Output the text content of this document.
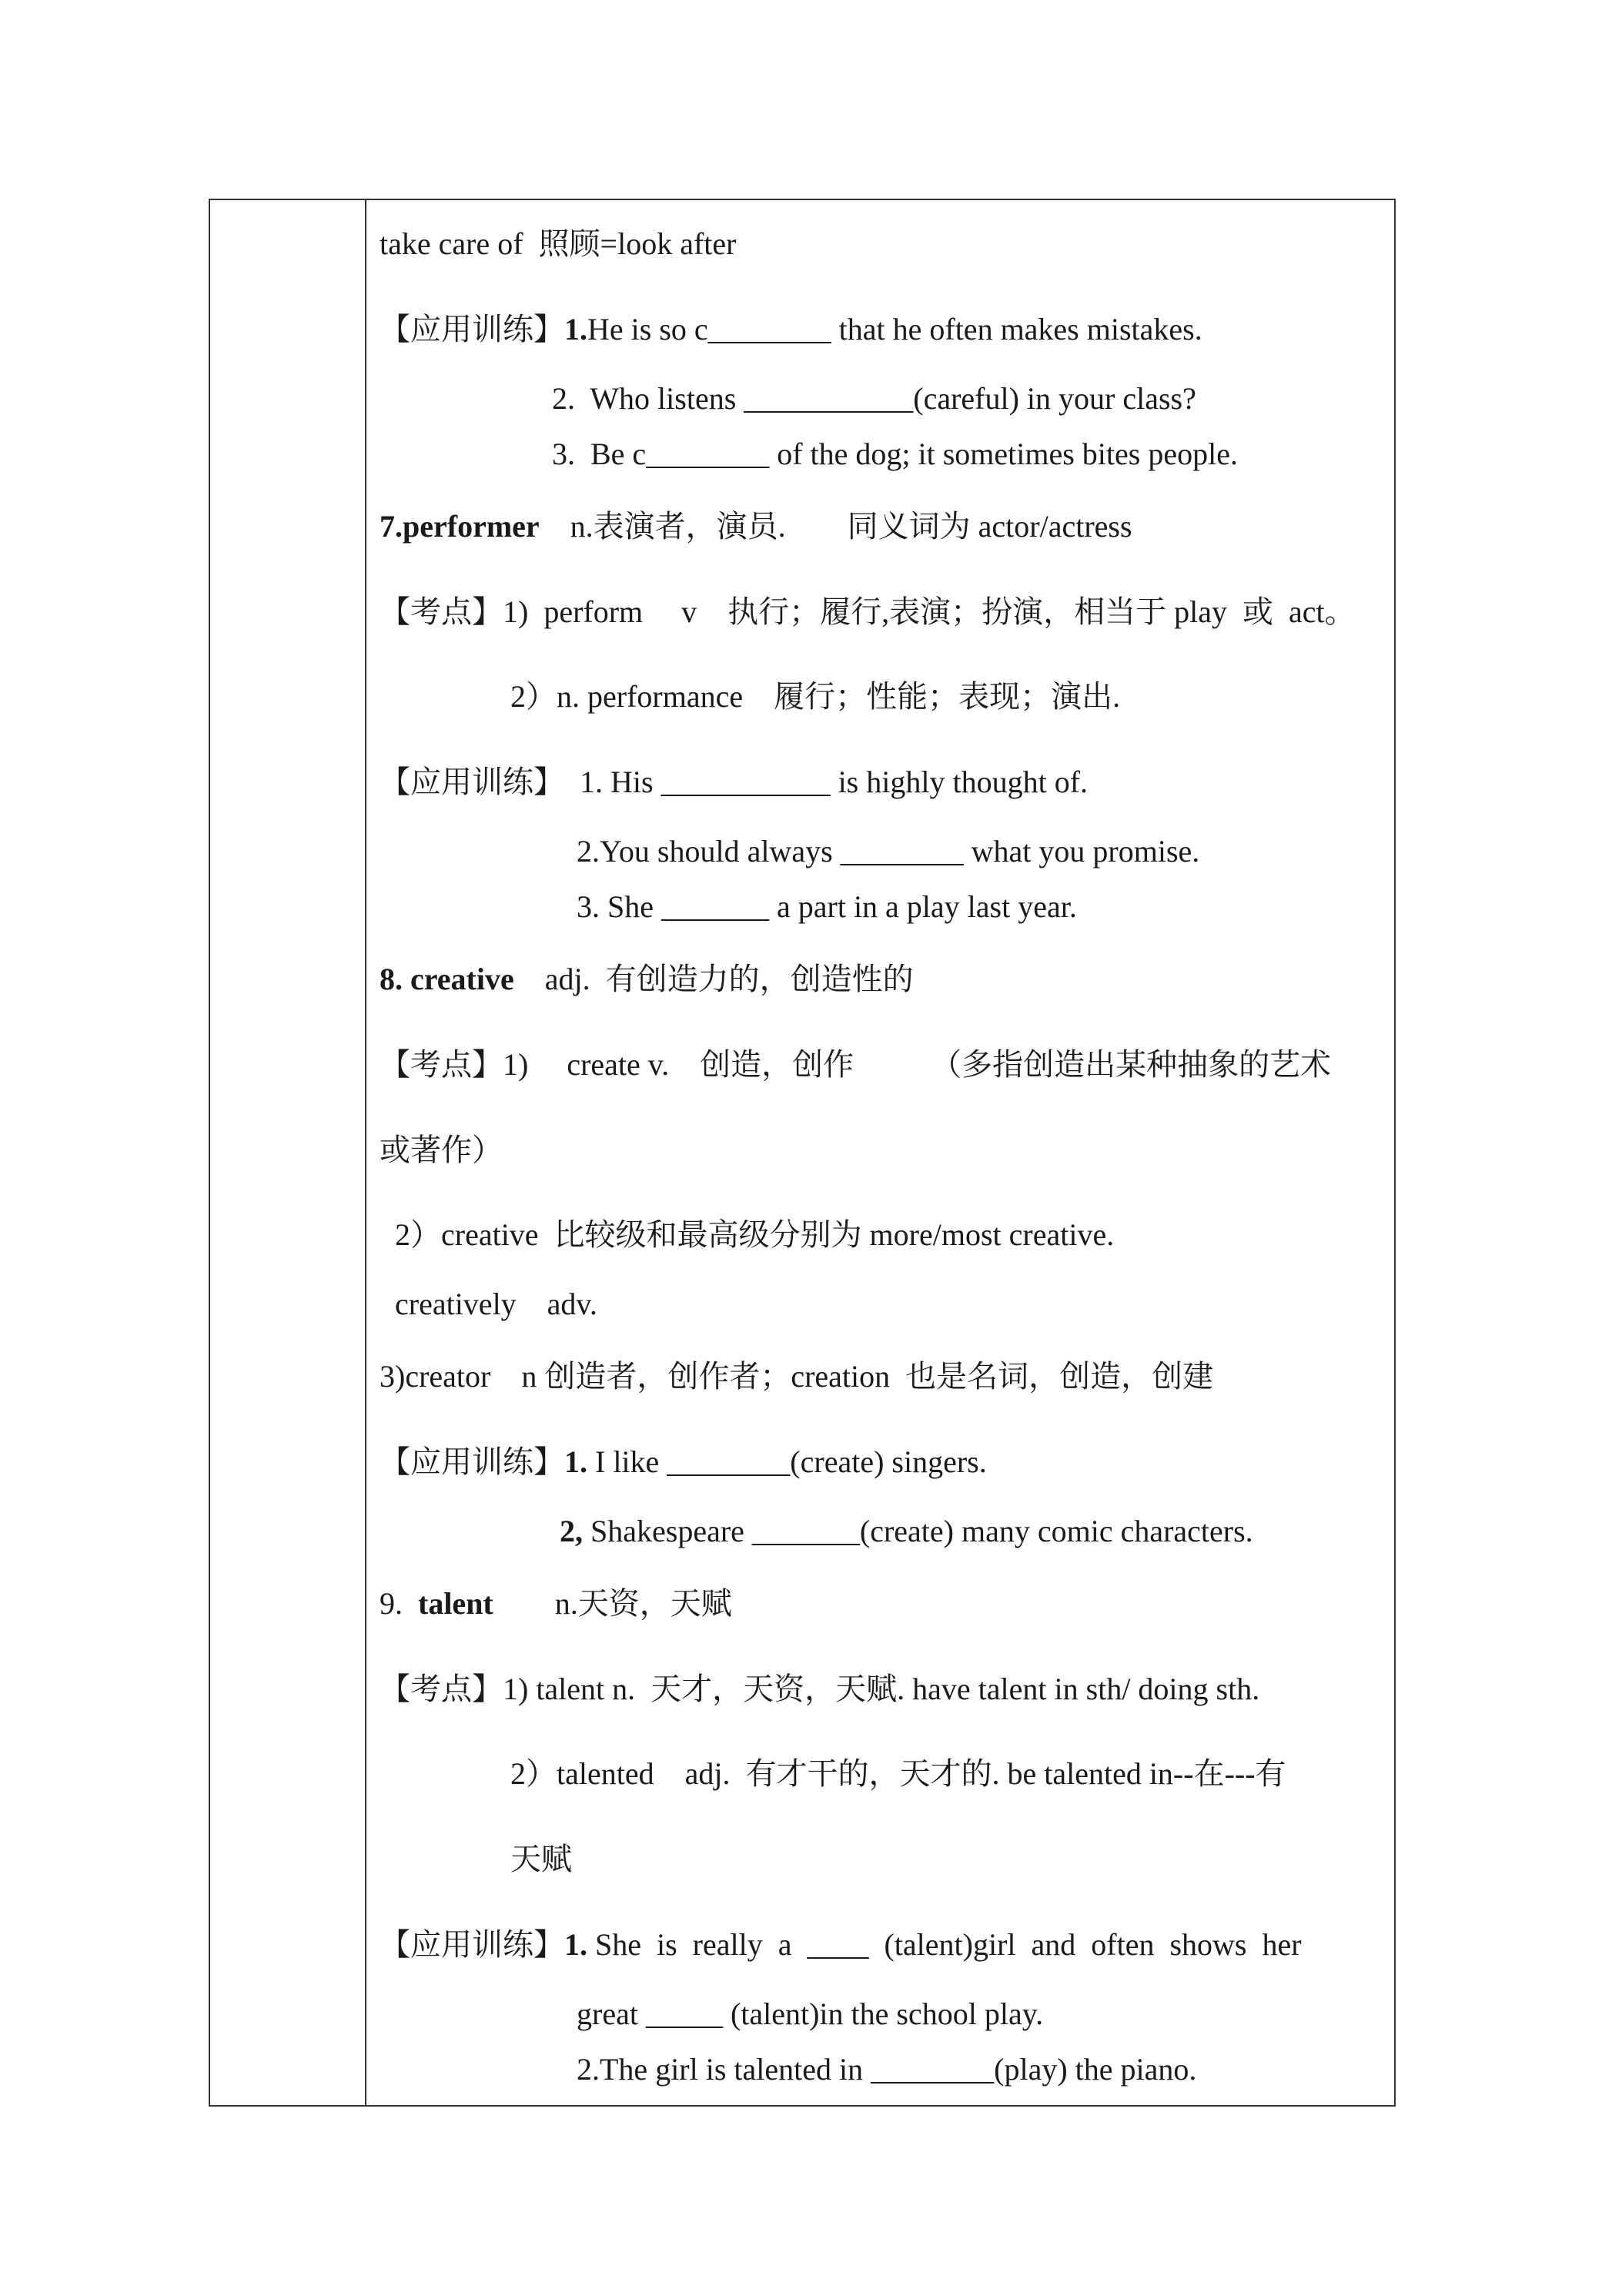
take care of  照顾=look after
【应用训练】1.He is so c________ that he often makes mistakes.
2.  Who listens ___________(careful) in your class?
3.  Be c________ of the dog; it sometimes bites people.
7.performer n.表演者，演员.        同义词为 actor/actress
【考点】1)  perform     v    执行；履行,表演；扮演，相当于 play  或  act。
2）n. performance    履行；性能；表现；演出.
【应用训练】  1. His ___________ is highly thought of.
2.You should always ________ what you promise.
3. She _______ a part in a play last year.
8. creative adj.  有创造力的，创造性的
【考点】1)     create v.    创造，创作          （多指创造出某种抽象的艺术
或著作）
2）creative  比较级和最高级分别为 more/most creative.
creatively    adv.
3)creator    n 创造者，创作者；creation  也是名词，创造，创建
【应用训练】1. I like ________(create) singers.
2, Shakespeare _______(create) many comic characters.
9.  talent        n.天资，天赋
【考点】1) talent n.  天才，天资，天赋. have talent in sth/ doing sth.
2）talented    adj.  有才干的，天才的. be talented in--在---有
天赋
【应用训练】1. She  is  really  a  ____  (talent)girl  and  often  shows  her
great _____ (talent)in the school play.
2.The girl is talented in ________(play) the piano.
